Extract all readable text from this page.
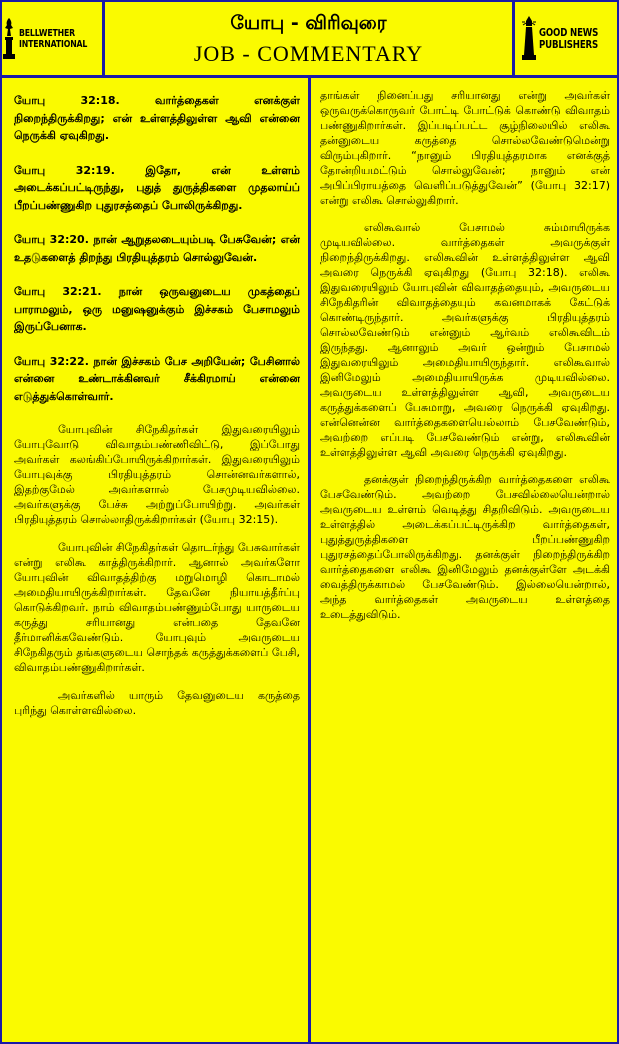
BELLWETHER
INTERNATIONAL
யோபு - விரிவுரை
JOB - COMMENTARY
GOOD NEWS
PUBLISHERS

யோபு 32:18. வார்த்தைகள் எனக்குள் நிறைந்திருக்கிறது; என் உள்ளத்திலுள்ள ஆவி என்னை நெருக்கி ஏவுகிறது.

யோபு 32:19. இதோ, என் உள்ளம் அடைக்கப்பட்டிருந்து, புதுத் துருத்திகளை முதலாய்ப் பீறப்பண்ணுகிற புதுரசத்தைப் போலிருக்கிறது.

யோபு 32:20. நான் ஆறுதலடையும்படி பேசுவேன்; என் உதடுகளைத் திறந்து பிரதியுத்தரம் சொல்லுவேன்.

யோபு 32:21. நான் ஒருவனுடைய முகத்தைப் பாராமலும், ஒரு மனுஷனுக்கும் இச்சகம் பேசாமலும் இருப்பேனாக.

யோபு 32:22. நான் இச்சகம் பேச அறியேன்; பேசினால் என்னை உண்டாக்கினவர் சீக்கிரமாய் என்னை எடுத்துக்கொள்வார்.

யோபுவின் சிநேகிதர்கள் இதுவரையிலும் யோபுவோடு விவாதம்பண்ணிவிட்டு, இப்போது அவர்கள் கலங்கிப்போயிருக்கிறார்கள். இதுவரையிலும் யோபுவுக்கு பிரதியுத்தரம் சொன்னவர்களால், இதற்குமேல் அவர்களால் பேசமுடியவில்லை. அவர்களுக்கு பேச்சு அற்றுப்போயிற்று. அவர்கள் பிரதியுத்தரம் சொல்லாதிருக்கிறார்கள் (யோபு 32:15).

யோபுவின் சிநேகிதர்கள் தொடர்ந்து பேசுவார்கள் என்று எலிகூ காத்திருக்கிறார். ஆனால் அவர்களோ யோபுவின் விவாதத்திற்கு மறுமொழி கொடாமல் அமைதியாயிருக்கிறார்கள். தேவனே நியாயத்தீர்ப்பு கொடுக்கிறவர். நாம் விவாதம்பண்ணும்போது யாருடைய கருத்து சரியானது என்பதை தேவனே தீர்மானிக்கவேண்டும். யோபுவும் அவருடைய சிநேகிதரும் தங்களுடைய சொந்தக் கருத்துக்களைப் பேசி, விவாதம்பண்ணுகிறார்கள்.

அவர்களில் யாரும் தேவனுடைய கருத்தை புரிந்து கொள்ளவில்லை.

தாங்கள் நினைப்பது சரியானது என்று அவர்கள் ஒருவருக்கொருவர் போட்டி போட்டுக் கொண்டு விவாதம் பண்ணுகிறார்கள். இப்படிப்பட்ட சூழ்நிலையில் எலிகூ தன்னுடைய கருத்தை சொல்லவேண்டுமென்று விரும்புகிறார். “நானும் பிரதியுத்தரமாக எனக்குத் தோன்றியமட்டும் சொல்லுவேன்; நானும் என் அபிப்பிராயத்தை வெளிப்படுத்துவேன்” (யோபு 32:17) என்று எலிகூ சொல்லுகிறார்.

எலிகூவால் பேசாமல் சும்மாயிருக்க முடியவில்லை. வார்த்தைகள் அவருக்குள் நிறைந்திருக்கிறது. எலிகூவின் உள்ளத்திலுள்ள ஆவி அவரை நெருக்கி ஏவுகிறது (யோபு 32:18). எலிகூ இதுவரையிலும் யோபுவின் விவாதத்தையும், அவருடைய சிநேகிதரின் விவாதத்தையும் கவனமாகக் கேட்டுக் கொண்டிருந்தார். அவர்களுக்கு பிரதியுத்தரம் சொல்லவேண்டும் என்னும் ஆர்வம் எலிகூவிடம் இருந்தது. ஆனாலும் அவர் ஒன்றும் பேசாமல் இதுவரையிலும் அமைதியாயிருந்தார். எலிகூவால் இனிமேலும் அமைதியாயிருக்க முடியவில்லை. அவருடைய உள்ளத்திலுள்ள ஆவி, அவருடைய கருத்துக்களைப் பேசுமாறு, அவரை நெருக்கி ஏவுகிறது. என்னென்ன வார்த்தைகளையெல்லாம் பேசவேண்டும், அவற்றை எப்படி பேசவேண்டும் என்று, எலிகூவின் உள்ளத்திலுள்ள ஆவி அவரை நெருக்கி ஏவுகிறது.

தனக்குள் நிறைந்திருக்கிற வார்த்தைகளை எலிகூ பேசவேண்டும். அவற்றை பேசவில்லையென்றால் அவருடைய உள்ளம் வெடித்து சிதறிவிடும். அவருடைய உள்ளத்தில் அடைக்கப்பட்டிருக்கிற வார்த்தைகள், புதுத்துருத்திகளை பீறப்பண்ணுகிற புதுரசத்தைப்போலிருக்கிறது. தனக்குள் நிறைந்திருக்கிற வார்த்தைகளை எலிகூ இனிமேலும் தனக்குள்ளே அடக்கி வைத்திருக்காமல் பேசவேண்டும். இல்லையென்றால், அந்த வார்த்தைகள் அவருடைய உள்ளத்தை உடைத்துவிடும்.
